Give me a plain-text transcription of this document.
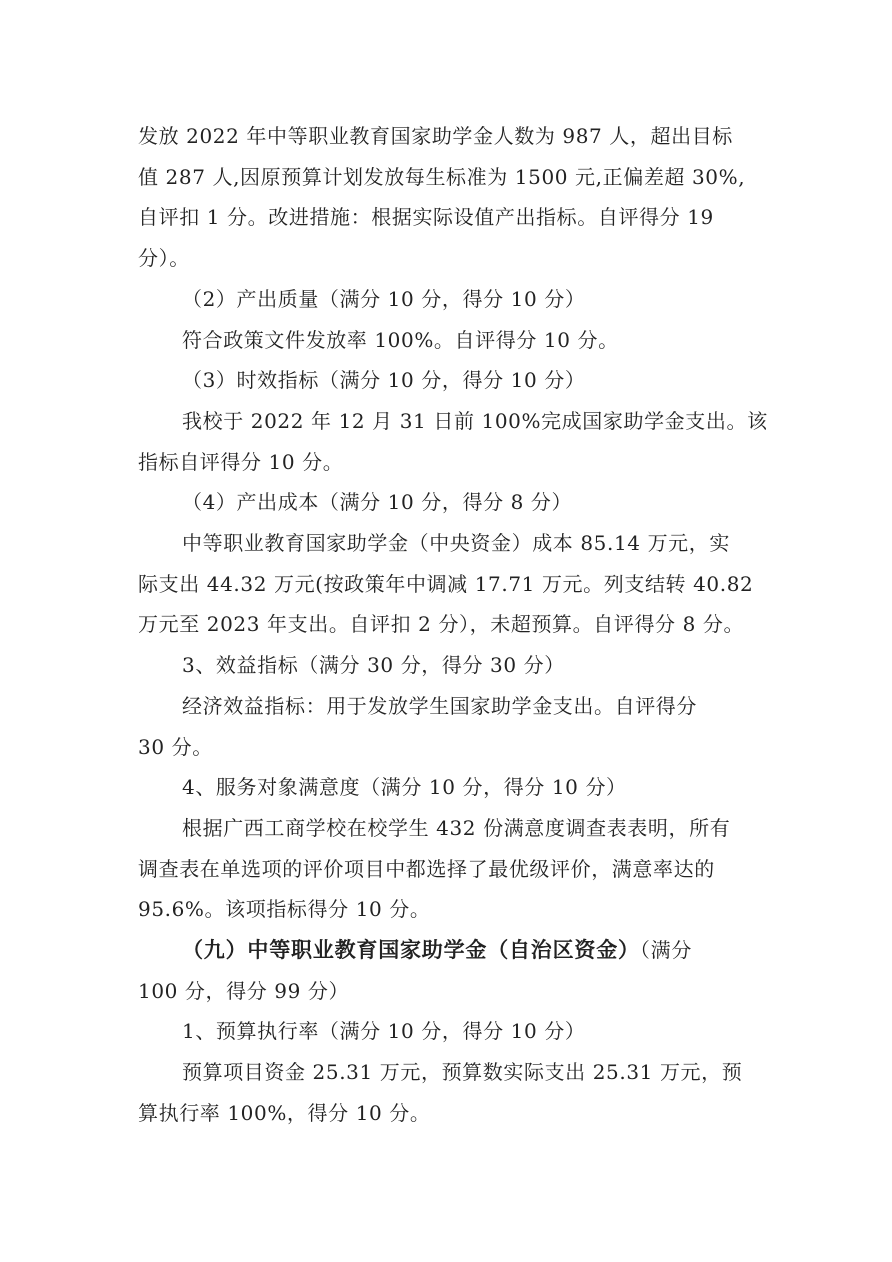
发放 2022 年中等职业教育国家助学金人数为 987 人，超出目标
值 287 人,因原预算计划发放每生标准为 1500 元,正偏差超 30%,
自评扣 1 分。改进措施：根据实际设值产出指标。自评得分 19
分）。
（2）产出质量（满分 10 分，得分 10 分）
符合政策文件发放率 100%。自评得分 10 分。
（3）时效指标（满分 10 分，得分 10 分）
我校于 2022 年 12 月 31 日前 100%完成国家助学金支出。该
指标自评得分 10 分。
（4）产出成本（满分 10 分，得分 8 分）
中等职业教育国家助学金（中央资金）成本 85.14 万元，实
际支出 44.32 万元(按政策年中调减 17.71 万元。列支结转 40.82
万元至 2023 年支出。自评扣 2 分），未超预算。自评得分 8 分。
3、效益指标（满分 30 分，得分 30 分）
经济效益指标：用于发放学生国家助学金支出。自评得分
30 分。
4、服务对象满意度（满分 10 分，得分 10 分）
根据广西工商学校在校学生 432 份满意度调查表表明，所有
调查表在单选项的评价项目中都选择了最优级评价，满意率达的
95.6%。该项指标得分 10 分。
（九）中等职业教育国家助学金（自治区资金）（满分
100 分，得分 99 分）
1、预算执行率（满分 10 分，得分 10 分）
预算项目资金 25.31 万元，预算数实际支出 25.31 万元，预
算执行率 100%，得分 10 分。
